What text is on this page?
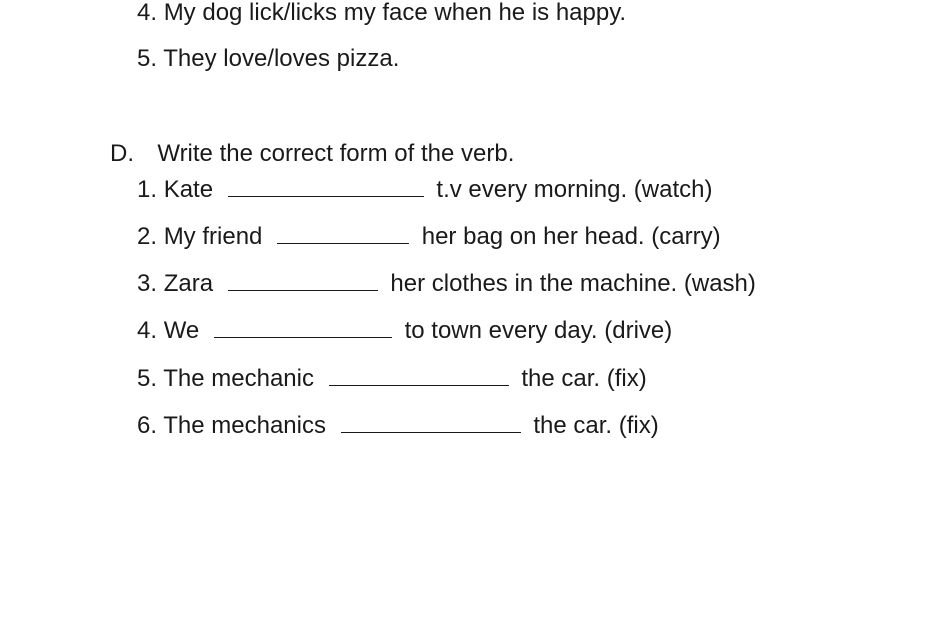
4. My dog lick/licks my face when he is happy.
5. They love/loves pizza.
D. Write the correct form of the verb.
1. Kate	t.v every morning. (watch)
2. My friend	her bag on her head. (carry)
3. Zara	her clothes in the machine. (wash)
4. We	to town every day. (drive)
5. The mechanic	the car. (fix)
6. The mechanics	the car. (fix)
